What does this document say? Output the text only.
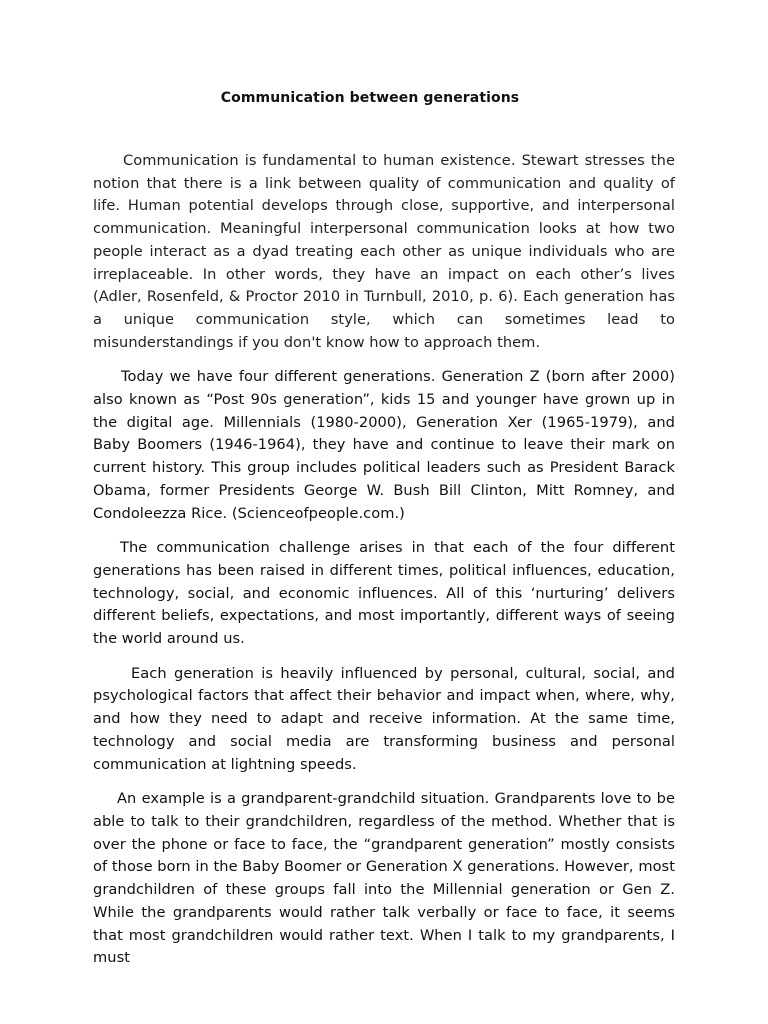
Communication between generations

Communication is fundamental to human existence. Stewart stresses the notion that there is a link between quality of communication and quality of life. Human potential develops through close, supportive, and interpersonal communication. Meaningful interpersonal communication looks at how two people interact as a dyad treating each other as unique individuals who are irreplaceable. In other words, they have an impact on each other’s lives (Adler, Rosenfeld, & Proctor 2010 in Turnbull, 2010, p. 6). Each generation has a unique communication style, which can sometimes lead to misunderstandings if you don't know how to approach them.

Today we have four different generations. Generation Z (born after 2000) also known as “Post 90s generation”, kids 15 and younger have grown up in the digital age. Millennials (1980-2000), Generation Xer (1965-1979), and Baby Boomers (1946-1964), they have and continue to leave their mark on current history. This group includes political leaders such as President Barack Obama, former Presidents George W. Bush Bill Clinton, Mitt Romney, and Condoleezza Rice. (Scienceofpeople.com.)

The communication challenge arises in that each of the four different generations has been raised in different times, political influences, education, technology, social, and economic influences. All of this ‘nurturing’ delivers different beliefs, expectations, and most importantly, different ways of seeing the world around us.

Each generation is heavily influenced by personal, cultural, social, and psychological factors that affect their behavior and impact when, where, why, and how they need to adapt and receive information. At the same time, technology and social media are transforming business and personal communication at lightning speeds.

An example is a grandparent-grandchild situation. Grandparents love to be able to talk to their grandchildren, regardless of the method. Whether that is over the phone or face to face, the “grandparent generation” mostly consists of those born in the Baby Boomer or Generation X generations. However, most grandchildren of these groups fall into the Millennial generation or Gen Z. While the grandparents would rather talk verbally or face to face, it seems that most grandchildren would rather text. When I talk to my grandparents, I must
